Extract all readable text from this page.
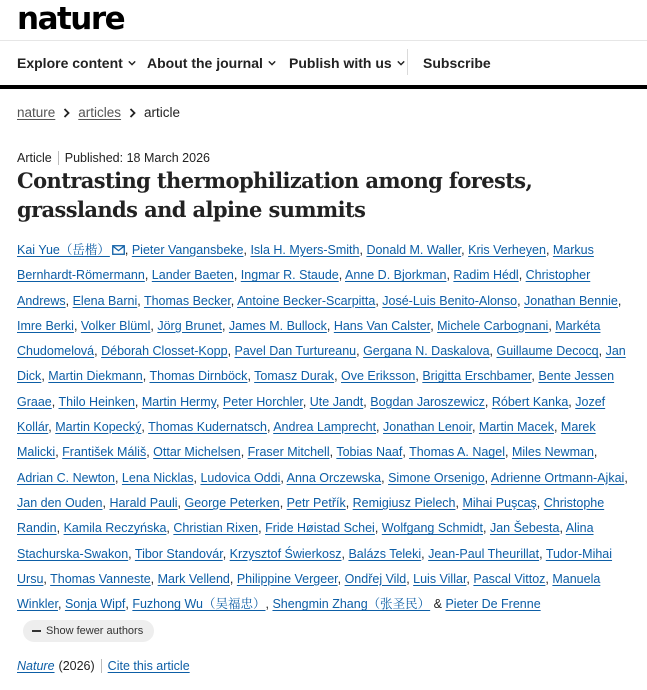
nature
Explore content About the journal Publish with us Subscribe
nature articles article
Article Published: 18 March 2026
Contrasting thermophilization among forests, grasslands and alpine summits
Kai Yue（岳楷） , Pieter Vangansbeke, Isla H. Myers-Smith, Donald M. Waller, Kris Verheyen, Markus Bernhardt-Römermann, Lander Baeten, Ingmar R. Staude, Anne D. Bjorkman, Radim Hédl, Christopher Andrews, Elena Barni, Thomas Becker, Antoine Becker-Scarpitta, José-Luis Benito-Alonso, Jonathan Bennie, Imre Berki, Volker Blüml, Jörg Brunet, James M. Bullock, Hans Van Calster, Michele Carbognani, Markéta Chudomelová, Déborah Closset-Kopp, Pavel Dan Turtureanu, Gergana N. Daskalova, Guillaume Decocq, Jan Dick, Martin Diekmann, Thomas Dirnböck, Tomasz Durak, Ove Eriksson, Brigitta Erschbamer, Bente Jessen Graae, Thilo Heinken, Martin Hermy, Peter Horchler, Ute Jandt, Bogdan Jaroszewicz, Róbert Kanka, Jozef Kollár, Martin Kopecký, Thomas Kudernatsch, Andrea Lamprecht, Jonathan Lenoir, Martin Macek, Marek Malicki, František Máliš, Ottar Michelsen, Fraser Mitchell, Tobias Naaf, Thomas A. Nagel, Miles Newman, Adrian C. Newton, Lena Nicklas, Ludovica Oddi, Anna Orczewska, Simone Orsenigo, Adrienne Ortmann-Ajkai, Jan den Ouden, Harald Pauli, George Peterken, Petr Petřík, Remigiusz Pielech, Mihai Puşcaş, Christophe Randin, Kamila Reczyńska, Christian Rixen, Fride Høistad Schei, Wolfgang Schmidt, Jan Šebesta, Alina Stachurska-Swakon, Tibor Standovár, Krzysztof Świerkosz, Balázs Teleki, Jean-Paul Theurillat, Tudor-Mihai Ursu, Thomas Vanneste, Mark Vellend, Philippine Vergeer, Ondřej Vild, Luis Villar, Pascal Vittoz, Manuela Winkler, Sonja Wipf, Fuzhong Wu（吴福忠）, Shengmin Zhang（张圣民） & Pieter De Frenne
Show fewer authors
Nature (2026) Cite this article
